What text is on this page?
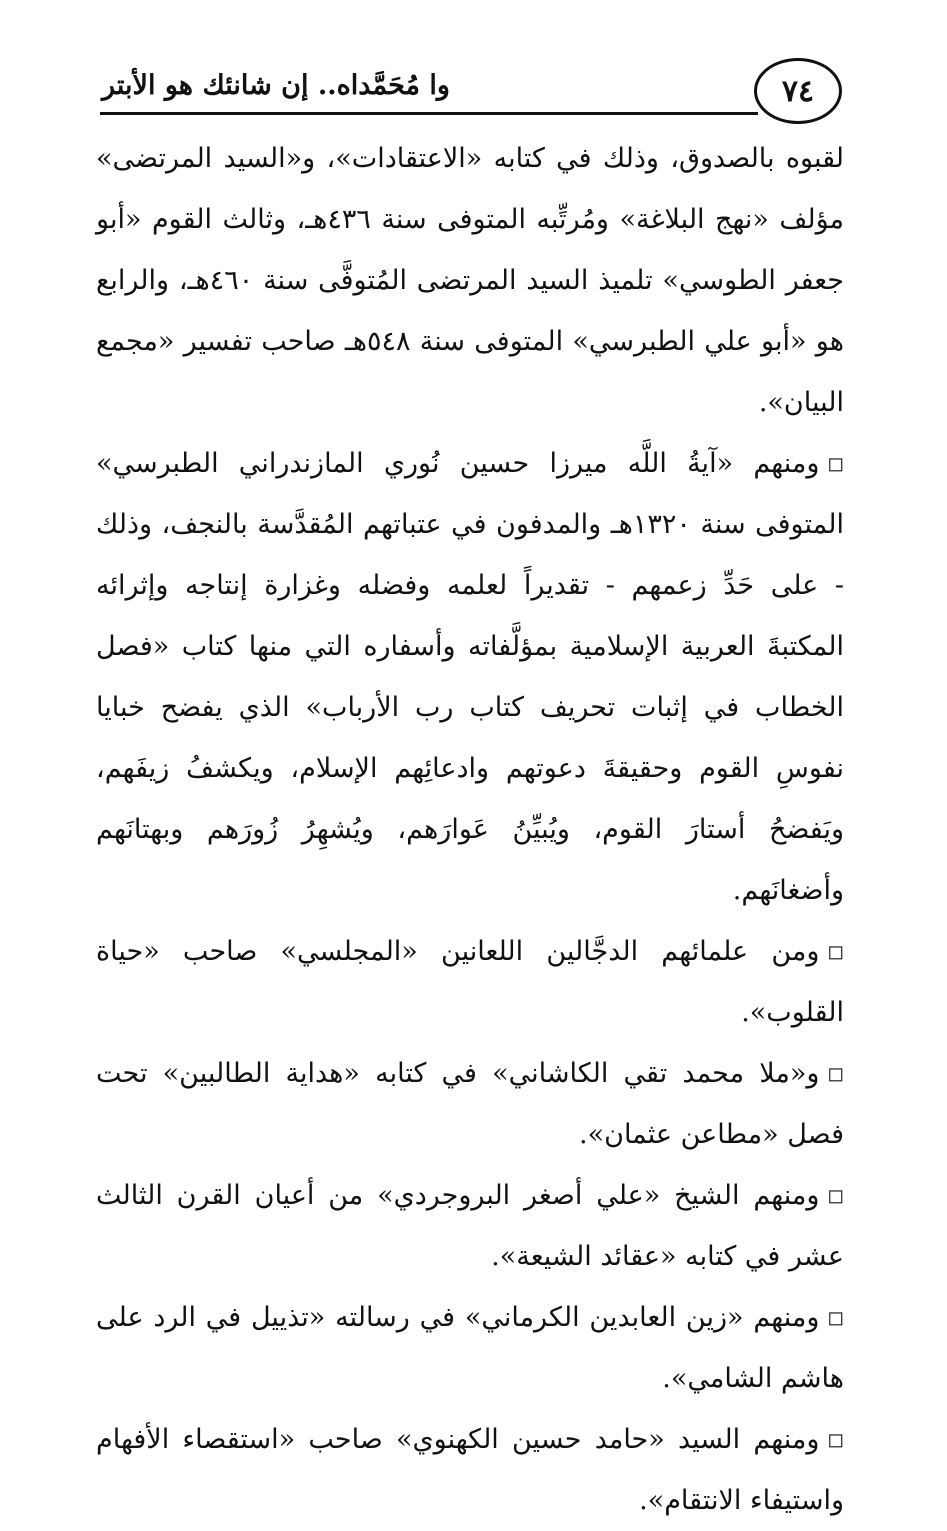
٧٤
وا مُحَمَّداه.. إن شانئك هو الأبتر

لقبوه بالصدوق، وذلك في كتابه «الاعتقادات»، و«السيد المرتضى» مؤلف «نهج البلاغة» ومُرتِّبه المتوفى سنة ٤٣٦هـ، وثالث القوم «أبو جعفر الطوسي» تلميذ السيد المرتضى المُتوفَّى سنة ٤٦٠هـ، والرابع هو «أبو علي الطبرسي» المتوفى سنة ٥٤٨هـ صاحب تفسير «مجمع البيان».

◻ومنهم «آيةُ اللَّه ميرزا حسين نُوري المازندراني الطبرسي» المتوفى سنة ١٣٢٠هـ والمدفون في عتباتهم المُقدَّسة بالنجف، وذلك - على حَدِّ زعمهم - تقديراً لعلمه وفضله وغزارة إنتاجه وإثرائه المكتبةَ العربية الإسلامية بمؤلَّفاته وأسفاره التي منها كتاب «فصل الخطاب في إثبات تحريف كتاب رب الأرباب» الذي يفضح خبايا نفوسِ القوم وحقيقةَ دعوتهم وادعائِهم الإسلام، ويكشفُ زيفَهم، ويَفضحُ أستارَ القوم، ويُبيِّنُ عَوارَهم، ويُشهِرُ زُورَهم وبهتانَهم وأضغانَهم.

◻ومن علمائهم الدجَّالين اللعانين «المجلسي» صاحب «حياة القلوب».

◻و«ملا محمد تقي الكاشاني» في كتابه «هداية الطالبين» تحت فصل «مطاعن عثمان».

◻ومنهم الشيخ «علي أصغر البروجردي» من أعيان القرن الثالث عشر في كتابه «عقائد الشيعة».

◻ومنهم «زين العابدين الكرماني» في رسالته «تذييل في الرد على هاشم الشامي».

◻ومنهم السيد «حامد حسين الكهنوي» صاحب «استقصاء الأفهام واستيفاء الانتقام».
